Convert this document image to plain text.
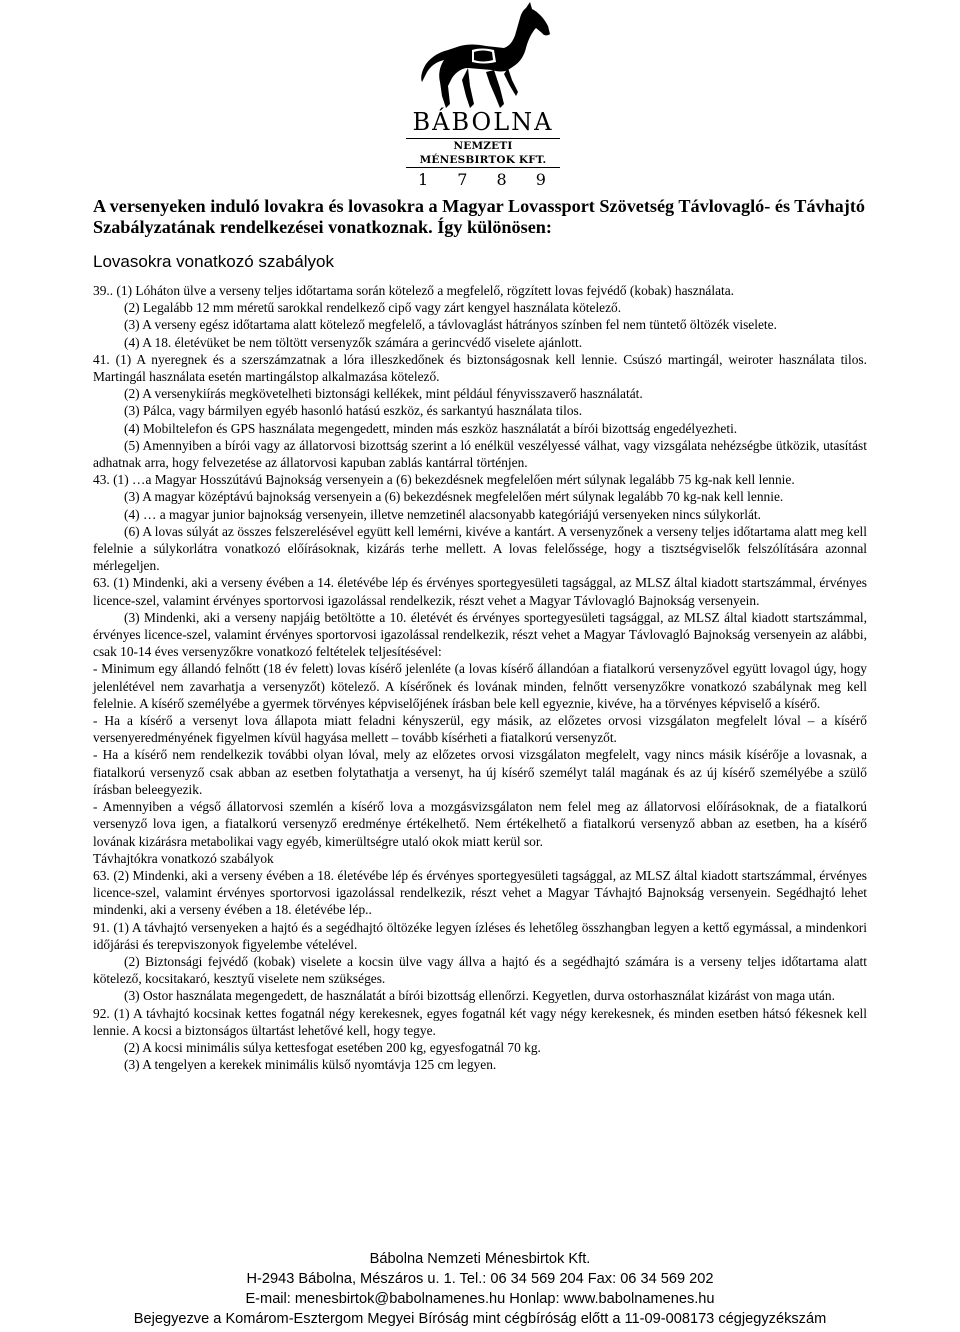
BÁBOLNA
NEMZETI MÉNESBIRTOK KFT.
1 7 8 9

A versenyeken induló lovakra és lovasokra a Magyar Lovassport Szövetség Távlovagló- és Távhajtó Szabályzatának rendelkezései vonatkoznak. Így különösen:

Lovasokra vonatkozó szabályok

39.. (1) Lóháton ülve a verseny teljes időtartama során kötelező a megfelelő, rögzített lovas fejvédő (kobak) használata.

(2) Legalább 12 mm méretű sarokkal rendelkező cipő vagy zárt kengyel használata kötelező.

(3) A verseny egész időtartama alatt kötelező megfelelő, a távlovaglást hátrányos színben fel nem tüntető öltözék viselete.

(4) A 18. életévüket be nem töltött versenyzők számára a gerincvédő viselete ajánlott.

41. (1) A nyeregnek és a szerszámzatnak a lóra illeszkedőnek és biztonságosnak kell lennie. Csúszó martingál, weiroter használata tilos. Martingál használata esetén martingálstop alkalmazása kötelező.

(2) A versenykiírás megkövetelheti biztonsági kellékek, mint például fényvisszaverő használatát.

(3) Pálca, vagy bármilyen egyéb hasonló hatású eszköz, és sarkantyú használata tilos.

(4) Mobiltelefon és GPS használata megengedett, minden más eszköz használatát a bírói bizottság engedélyezheti.

(5) Amennyiben a bírói vagy az állatorvosi bizottság szerint a ló enélkül veszélyessé válhat, vagy vizsgálata nehézségbe ütközik, utasítást adhatnak arra, hogy felvezetése az állatorvosi kapuban zablás kantárral történjen.

43. (1) …a Magyar Hosszútávú Bajnokság versenyein a (6) bekezdésnek megfelelően mért súlynak legalább 75 kg-nak kell lennie.

(3) A magyar középtávú bajnokság versenyein a (6) bekezdésnek megfelelően mért súlynak legalább 70 kg-nak kell lennie.

(4) … a magyar junior bajnokság versenyein, illetve nemzetinél alacsonyabb kategóriájú versenyeken nincs súlykorlát.

(6) A lovas súlyát az összes felszerelésével együtt kell lemérni, kivéve a kantárt. A versenyzőnek a verseny teljes időtartama alatt meg kell felelnie a súlykorlátra vonatkozó előírásoknak, kizárás terhe mellett. A lovas felelőssége, hogy a tisztségviselők felszólítására azonnal mérlegeljen.

63. (1) Mindenki, aki a verseny évében a 14. életévébe lép és érvényes sportegyesületi tagsággal, az MLSZ által kiadott startszámmal, érvényes licence-szel, valamint érvényes sportorvosi igazolással rendelkezik, részt vehet a Magyar Távlovagló Bajnokság versenyein.

(3) Mindenki, aki a verseny napjáig betöltötte a 10. életévét és érvényes sportegyesületi tagsággal, az MLSZ által kiadott startszámmal, érvényes licence-szel, valamint érvényes sportorvosi igazolással rendelkezik, részt vehet a Magyar Távlovagló Bajnokság versenyein az alábbi, csak 10-14 éves versenyzőkre vonatkozó feltételek teljesítésével:

- Minimum egy állandó felnőtt (18 év felett) lovas kísérő jelenléte (a lovas kísérő állandóan a fiatalkorú versenyzővel együtt lovagol úgy, hogy jelenlétével nem zavarhatja a versenyzőt) kötelező. A kísérőnek és lovának minden, felnőtt versenyzőkre vonatkozó szabálynak meg kell felelnie. A kísérő személyébe a gyermek törvényes képviselőjének írásban bele kell egyeznie, kivéve, ha a törvényes képviselő a kísérő.

- Ha a kísérő a versenyt lova állapota miatt feladni kényszerül, egy másik, az előzetes orvosi vizsgálaton megfelelt lóval – a kísérő versenyeredményének figyelmen kívül hagyása mellett – tovább kísérheti a fiatalkorú versenyzőt.

- Ha a kísérő nem rendelkezik további olyan lóval, mely az előzetes orvosi vizsgálaton megfelelt, vagy nincs másik kísérője a lovasnak, a fiatalkorú versenyző csak abban az esetben folytathatja a versenyt, ha új kísérő személyt talál magának és az új kísérő személyébe a szülő írásban beleegyezik.

- Amennyiben a végső állatorvosi szemlén a kísérő lova a mozgásvizsgálaton nem felel meg az állatorvosi előírásoknak, de a fiatalkorú versenyző lova igen, a fiatalkorú versenyző eredménye értékelhető. Nem értékelhető a fiatalkorú versenyző abban az esetben, ha a kísérő lovának kizárásra metabolikai vagy egyéb, kimerültségre utaló okok miatt kerül sor.

Távhajtókra vonatkozó szabályok

63. (2) Mindenki, aki a verseny évében a 18. életévébe lép és érvényes sportegyesületi tagsággal, az MLSZ által kiadott startszámmal, érvényes licence-szel, valamint érvényes sportorvosi igazolással rendelkezik, részt vehet a Magyar Távhajtó Bajnokság versenyein. Segédhajtó lehet mindenki, aki a verseny évében a 18. életévébe lép..

91. (1) A távhajtó versenyeken a hajtó és a segédhajtó öltözéke legyen ízléses és lehetőleg összhangban legyen a kettő egymással, a mindenkori időjárási és terepviszonyok figyelembe vételével.

(2) Biztonsági fejvédő (kobak) viselete a kocsin ülve vagy állva a hajtó és a segédhajtó számára is a verseny teljes időtartama alatt kötelező, kocsitakaró, kesztyű viselete nem szükséges.

(3) Ostor használata megengedett, de használatát a bírói bizottság ellenőrzi. Kegyetlen, durva ostorhasználat kizárást von maga után.

92. (1) A távhajtó kocsinak kettes fogatnál négy kerekesnek, egyes fogatnál két vagy négy kerekesnek, és minden esetben hátsó fékesnek kell lennie. A kocsi a biztonságos ültartást lehetővé kell, hogy tegye.

(2) A kocsi minimális súlya kettesfogat esetében 200 kg, egyesfogatnál 70 kg.

(3) A tengelyen a kerekek minimális külső nyomtávja 125 cm legyen.

Bábolna Nemzeti Ménesbirtok Kft.
H-2943 Bábolna, Mészáros u. 1. Tel.: 06 34 569 204 Fax: 06 34 569 202
E-mail: menesbirtok@babolnamenes.hu Honlap: www.babolnamenes.hu
Bejegyezve a Komárom-Esztergom Megyei Bíróság mint cégbíróság előtt a 11-09-008173 cégjegyzékszám
